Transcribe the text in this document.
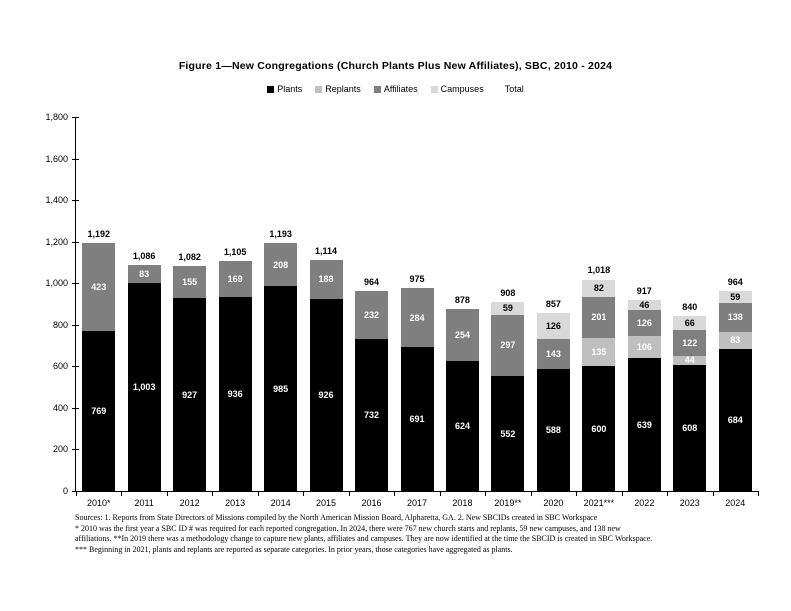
Figure 1—New Congregations (Church Plants Plus New Affiliates), SBC, 2010 - 2024
Plants	Replants	Affiliates	Campuses Total
0
200
400
600
800
1,000
1,200
1,400
1,600
1,800
769
423
1,192
2010*
1,003
83
1,086
2011
927
155
1,082
2012
936
169
1,105
2013
985
208
1,193
2014
926
188
1,114
2015
732
232
964
2016
691
284
975
2017
624
254
878
2018
552
297
59
908
2019**
588
143
126
857
2020
600
135
201
82
1,018
2021***
639
106
126
46
917
2022
608
44
122
66
840
2023
684
83
138
59
964
2024
Sources: 1. Reports from State Directors of Missions compiled by the North American Mission Board, Alpharetta, GA. 2. New SBCIDs created in SBC Workspace
* 2010 was the first year a SBC ID # was required for each reported congregation. In 2024, there were 767 new church starts and replants, 59 new campuses, and 138 new
affiliations. **In 2019 there was a methodology change to capture new plants, affiliates and campuses. They are now identified at the time the SBCID is created in SBC Workspace.
*** Beginning in 2021, plants and replants are reported as separate categories. In prior years, those categories have aggregated as plants.
